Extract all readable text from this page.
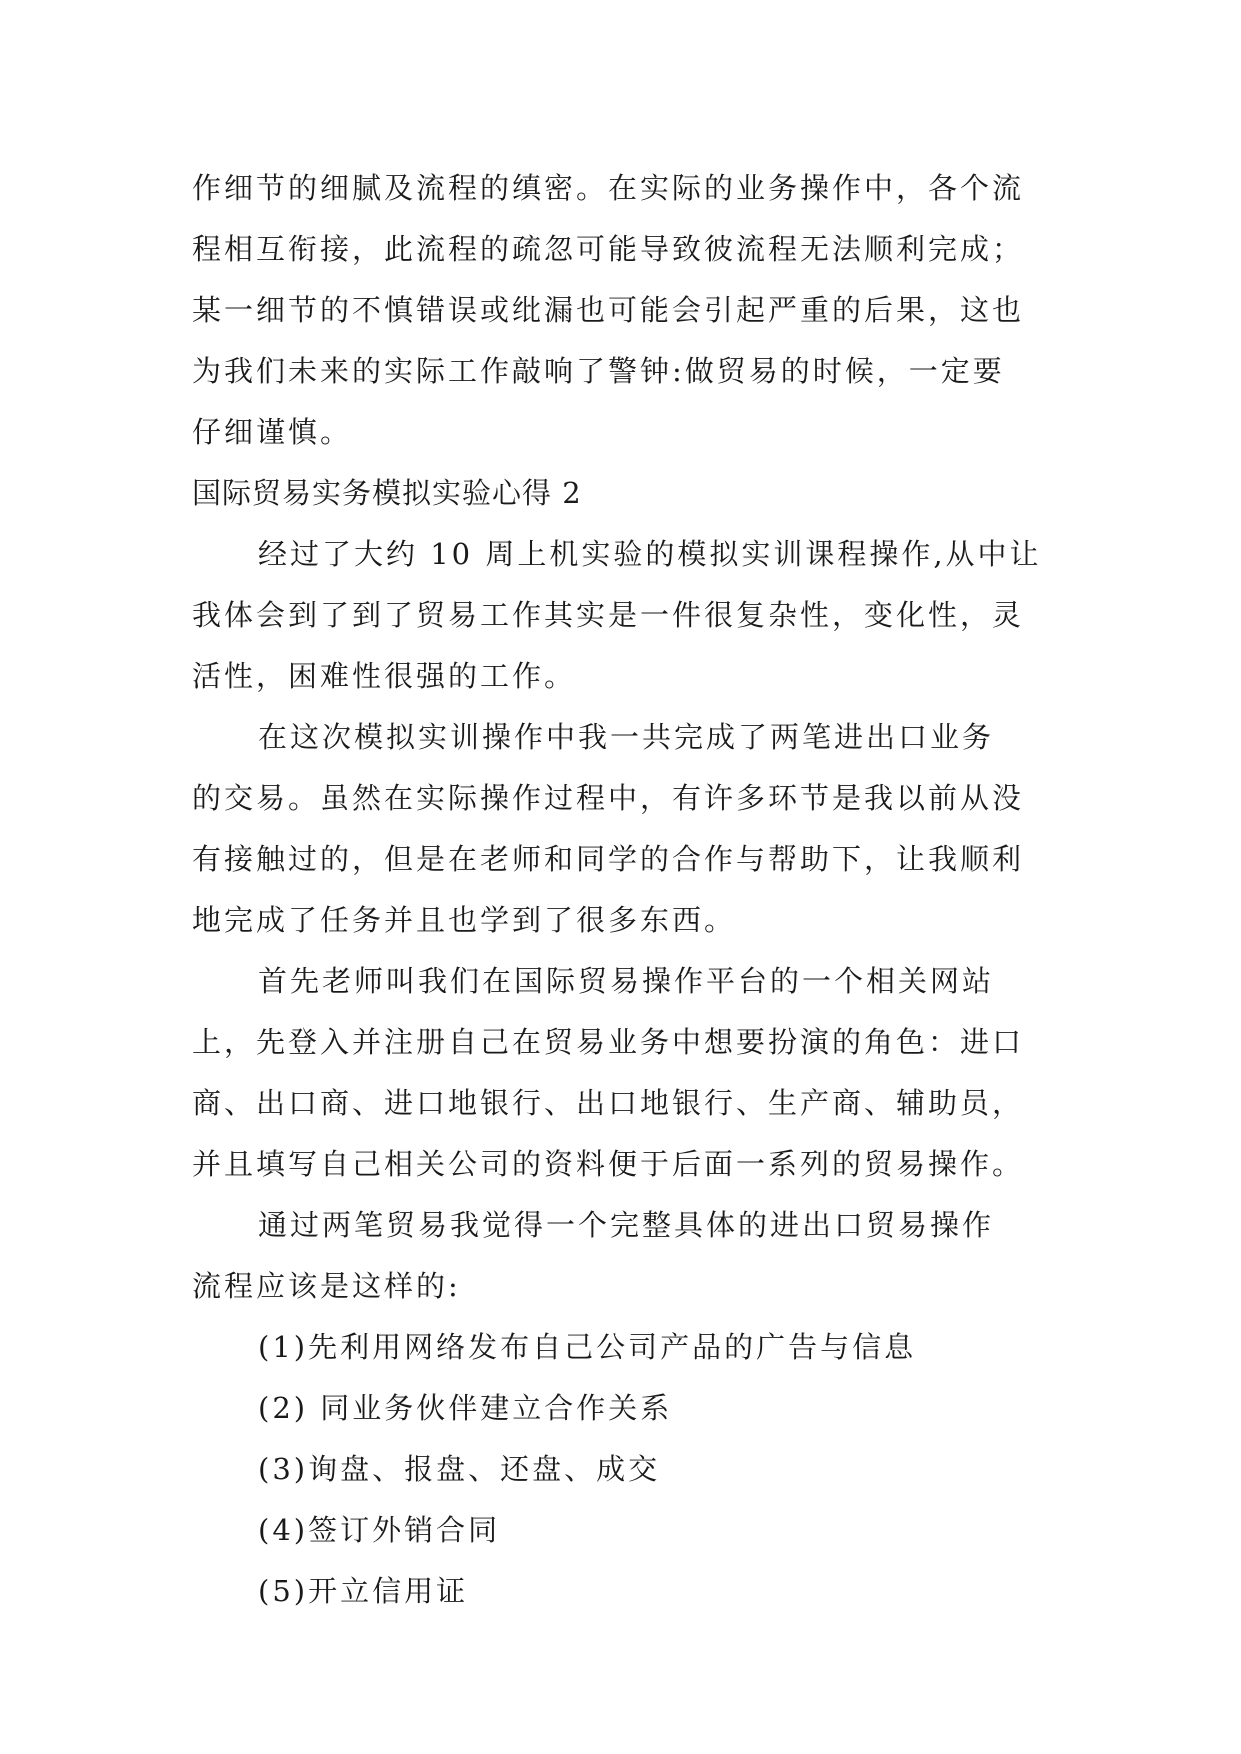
作细节的细腻及流程的缜密。在实际的业务操作中，各个流
程相互衔接，此流程的疏忽可能导致彼流程无法顺利完成；
某一细节的不慎错误或纰漏也可能会引起严重的后果，这也
为我们未来的实际工作敲响了警钟:做贸易的时候，一定要
仔细谨慎。
国际贸易实务模拟实验心得 2
经过了大约 10 周上机实验的模拟实训课程操作,从中让
我体会到了到了贸易工作其实是一件很复杂性，变化性，灵
活性，困难性很强的工作。
在这次模拟实训操作中我一共完成了两笔进出口业务
的交易。虽然在实际操作过程中，有许多环节是我以前从没
有接触过的，但是在老师和同学的合作与帮助下，让我顺利
地完成了任务并且也学到了很多东西。
首先老师叫我们在国际贸易操作平台的一个相关网站
上，先登入并注册自己在贸易业务中想要扮演的角色：进口
商、出口商、进口地银行、出口地银行、生产商、辅助员，
并且填写自己相关公司的资料便于后面一系列的贸易操作。
通过两笔贸易我觉得一个完整具体的进出口贸易操作
流程应该是这样的:
(1)先利用网络发布自己公司产品的广告与信息
(2) 同业务伙伴建立合作关系
(3)询盘、报盘、还盘、成交
(4)签订外销合同
(5)开立信用证
